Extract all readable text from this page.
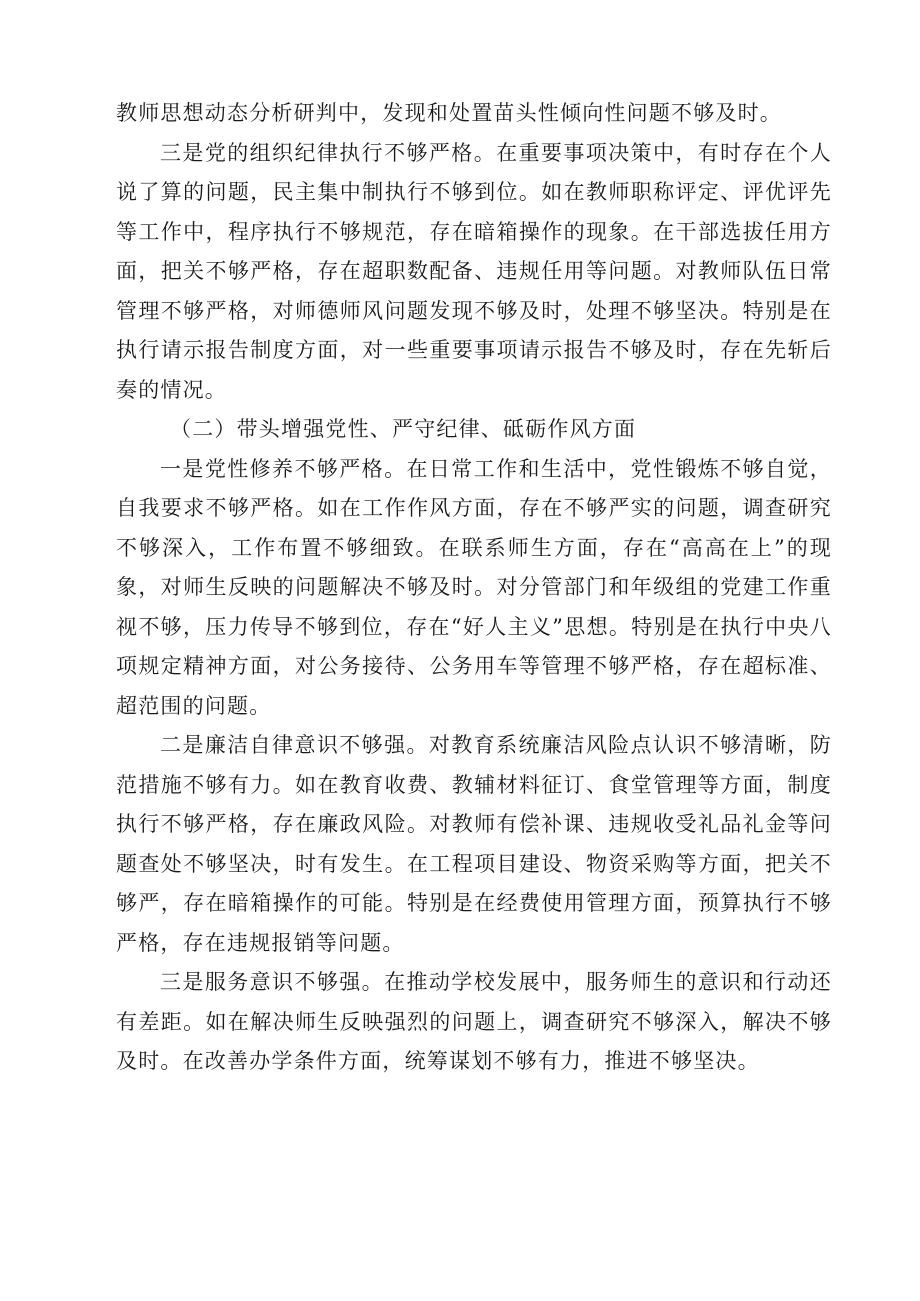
教师思想动态分析研判中，发现和处置苗头性倾向性问题不够及时。

三是党的组织纪律执行不够严格。在重要事项决策中，有时存在个人说了算的问题，民主集中制执行不够到位。如在教师职称评定、评优评先等工作中，程序执行不够规范，存在暗箱操作的现象。在干部选拔任用方面，把关不够严格，存在超职数配备、违规任用等问题。对教师队伍日常管理不够严格，对师德师风问题发现不够及时，处理不够坚决。特别是在执行请示报告制度方面，对一些重要事项请示报告不够及时，存在先斩后奏的情况。

（二）带头增强党性、严守纪律、砥砺作风方面

一是党性修养不够严格。在日常工作和生活中，党性锻炼不够自觉，自我要求不够严格。如在工作作风方面，存在不够严实的问题，调查研究不够深入，工作布置不够细致。在联系师生方面，存在“高高在上”的现象，对师生反映的问题解决不够及时。对分管部门和年级组的党建工作重视不够，压力传导不够到位，存在“好人主义”思想。特别是在执行中央八项规定精神方面，对公务接待、公务用车等管理不够严格，存在超标准、超范围的问题。

二是廉洁自律意识不够强。对教育系统廉洁风险点认识不够清晰，防范措施不够有力。如在教育收费、教辅材料征订、食堂管理等方面，制度执行不够严格，存在廉政风险。对教师有偿补课、违规收受礼品礼金等问题查处不够坚决，时有发生。在工程项目建设、物资采购等方面，把关不够严，存在暗箱操作的可能。特别是在经费使用管理方面，预算执行不够严格，存在违规报销等问题。

三是服务意识不够强。在推动学校发展中，服务师生的意识和行动还有差距。如在解决师生反映强烈的问题上，调查研究不够深入，解决不够及时。在改善办学条件方面，统筹谋划不够有力，推进不够坚决。
